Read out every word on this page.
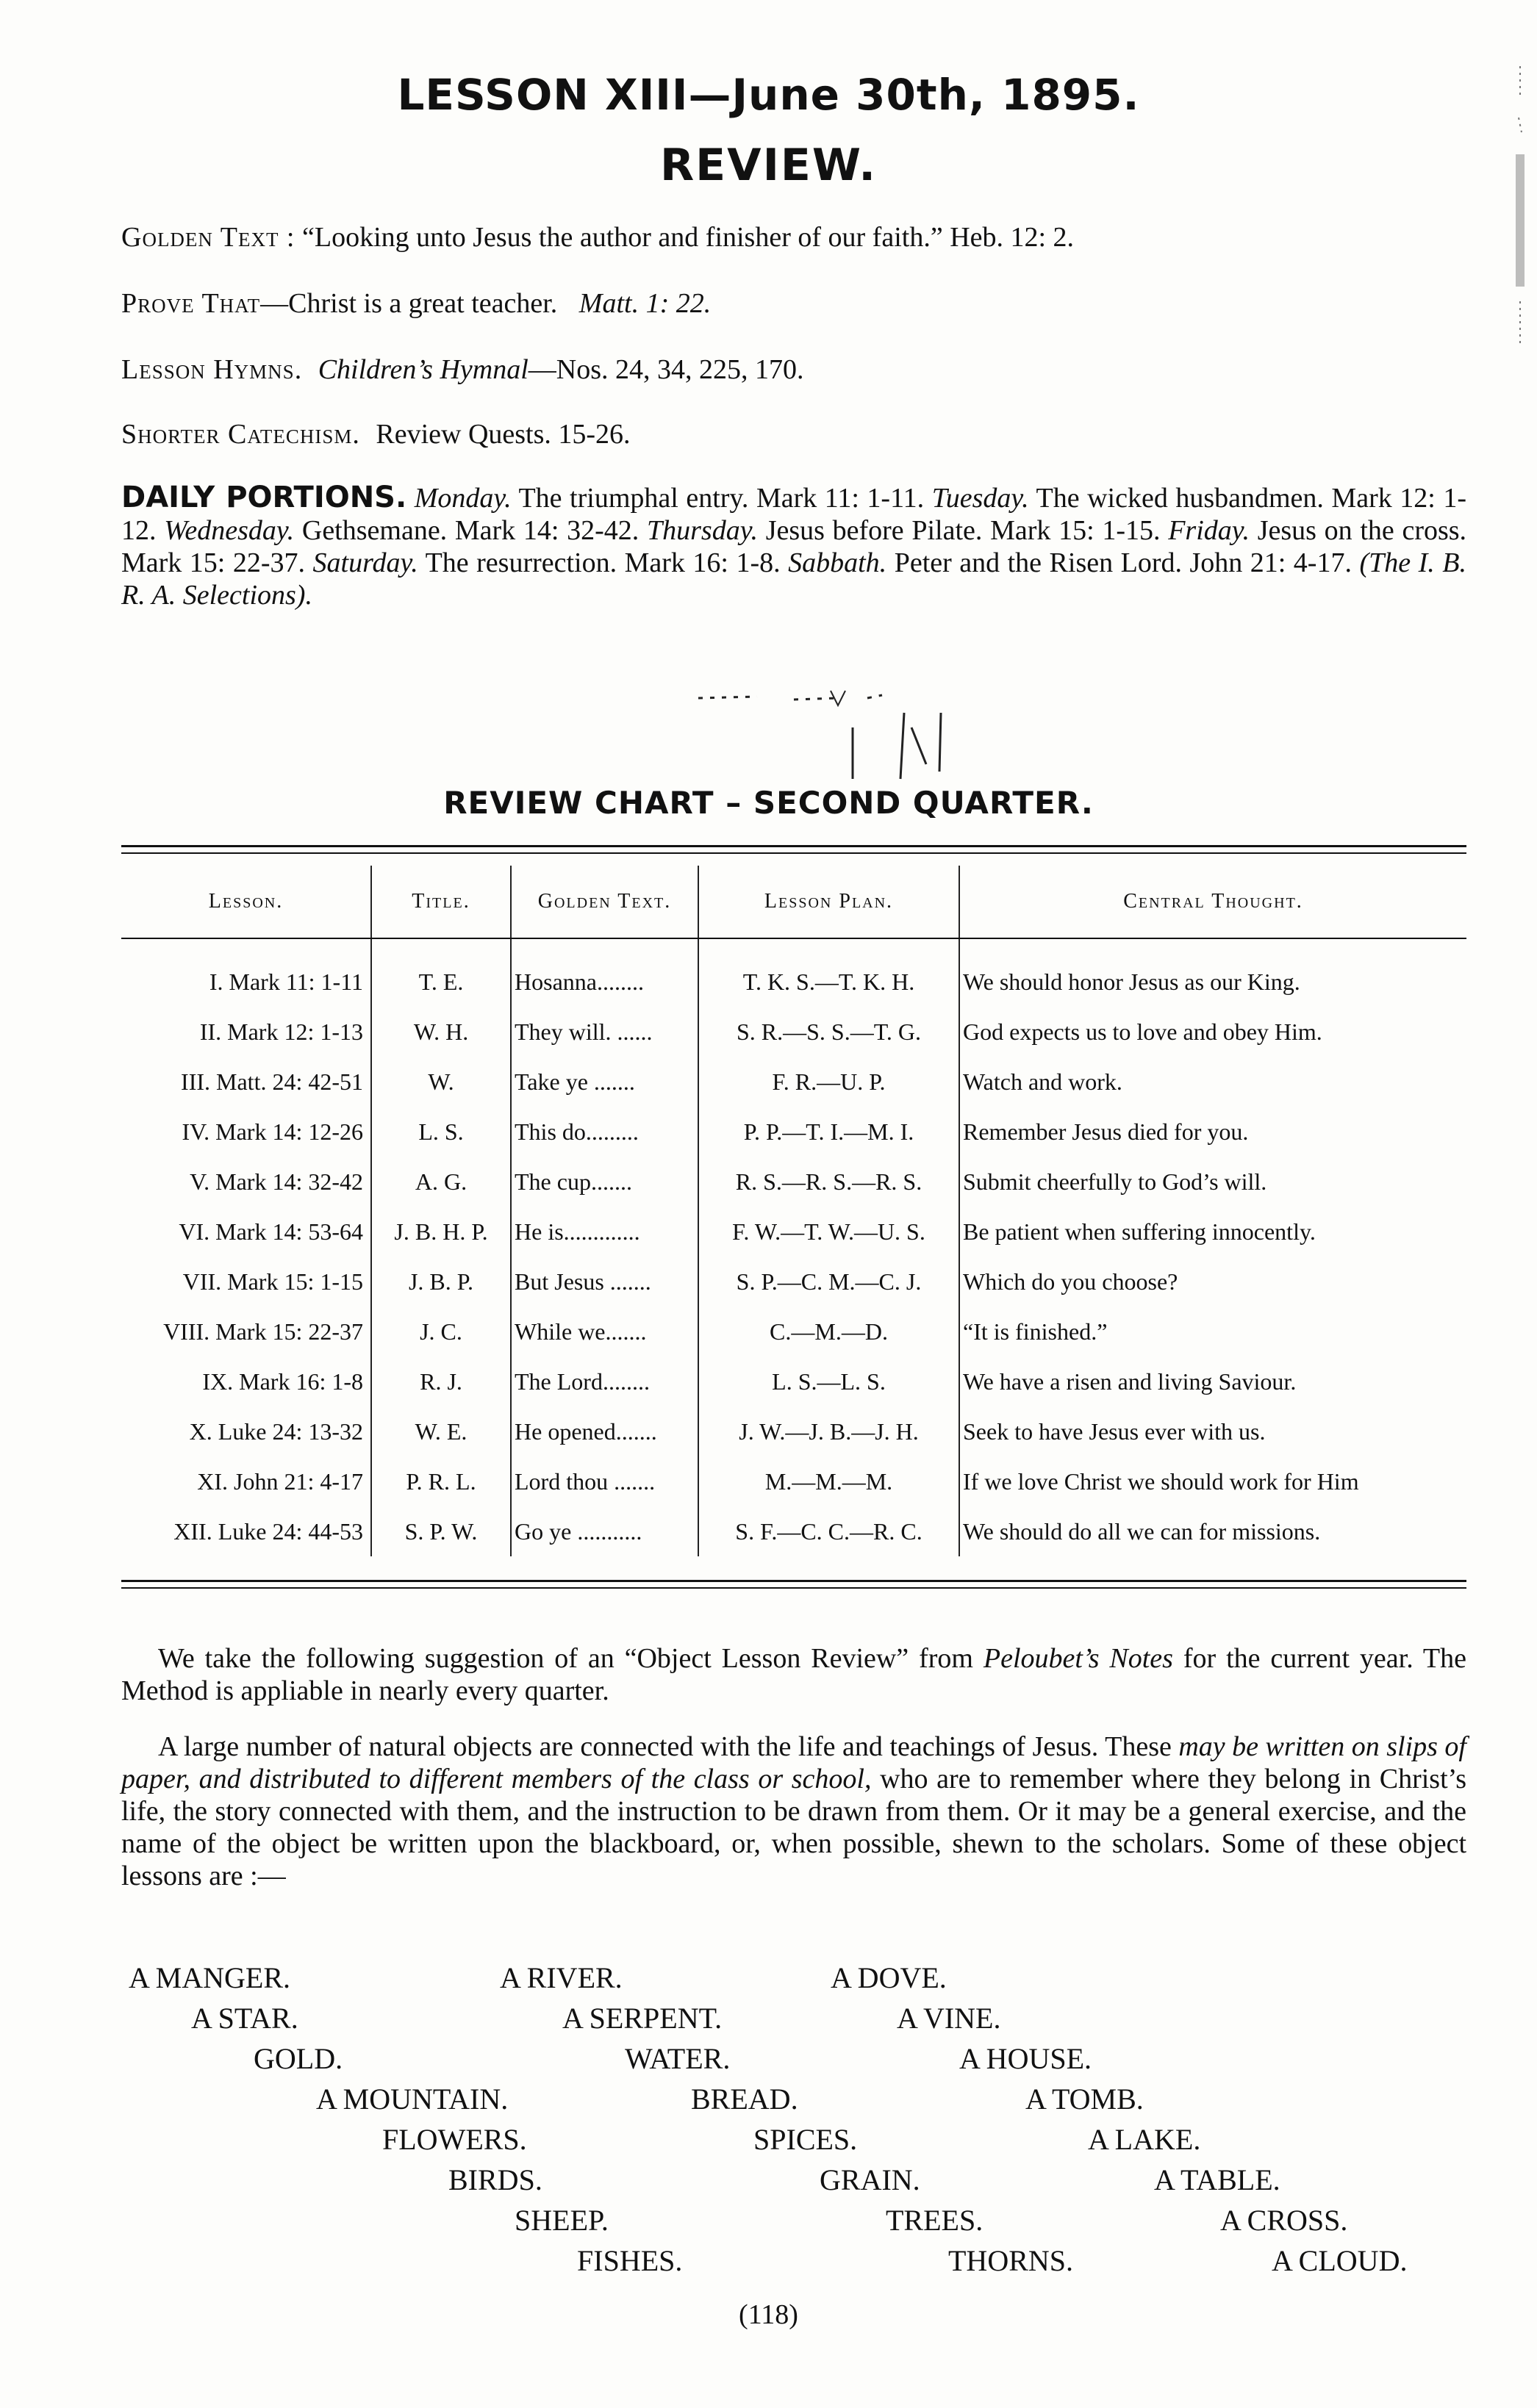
LESSON XIII—June 30th, 1895.
REVIEW.
Golden Text : “Looking unto Jesus the author and finisher of our faith.” Heb. 12: 2.
Prove That—Christ is a great teacher. Matt. 1: 22.
Lesson Hymns. Children’s Hymnal—Nos. 24, 34, 225, 170.
Shorter Catechism. Review Quests. 15-26.
DAILY PORTIONS. Monday. The triumphal entry. Mark 11: 1-11. Tuesday. The wicked husbandmen. Mark 12: 1-12. Wednesday. Gethsemane. Mark 14: 32-42. Thursday. Jesus before Pilate. Mark 15: 1-15. Friday. Jesus on the cross. Mark 15: 22-37. Saturday. The resurrection. Mark 16: 1-8. Sabbath. Peter and the Risen Lord. John 21: 4-17. (The I. B. R. A. Selections).
REVIEW CHART – SECOND QUARTER.
Lesson.	Title.	Golden Text.	Lesson Plan.	Central Thought.
I. Mark 11: 1-11	T. E.	Hosanna........	T. K. S.—T. K. H.	We should honor Jesus as our King.
II. Mark 12: 1-13	W. H.	They will. ......	S. R.—S. S.—T. G.	God expects us to love and obey Him.
III. Matt. 24: 42-51	W.	Take ye .......	F. R.—U. P.	Watch and work.
IV. Mark 14: 12-26	L. S.	This do.........	P. P.—T. I.—M. I.	Remember Jesus died for you.
V. Mark 14: 32-42	A. G.	The cup.......	R. S.—R. S.—R. S.	Submit cheerfully to God’s will.
VI. Mark 14: 53-64	J. B. H. P.	He is.............	F. W.—T. W.—U. S.	Be patient when suffering innocently.
VII. Mark 15: 1-15	J. B. P.	But Jesus .......	S. P.—C. M.—C. J.	Which do you choose?
VIII. Mark 15: 22-37	J. C.	While we.......	C.—M.—D.	“It is finished.”
IX. Mark 16: 1-8	R. J.	The Lord........	L. S.—L. S.	We have a risen and living Saviour.
X. Luke 24: 13-32	W. E.	He opened.......	J. W.—J. B.—J. H.	Seek to have Jesus ever with us.
XI. John 21: 4-17	P. R. L.	Lord thou .......	M.—M.—M.	If we love Christ we should work for Him
XII. Luke 24: 44-53	S. P. W.	Go ye ...........	S. F.—C. C.—R. C.	We should do all we can for missions.
We take the following suggestion of an “Object Lesson Review” from Peloubet’s Notes for the current year. The Method is appliable in nearly every quarter.
A large number of natural objects are connected with the life and teachings of Jesus. These may be written on slips of paper, and distributed to different members of the class or school, who are to remember where they belong in Christ’s life, the story connected with them, and the instruction to be drawn from them. Or it may be a general exercise, and the name of the object be written upon the blackboard, or, when possible, shewn to the scholars. Some of these object lessons are :—
A MANGER.	A RIVER.	A DOVE.
A STAR.	A SERPENT.	A VINE.
GOLD.	WATER.	A HOUSE.
A MOUNTAIN.	BREAD.	A TOMB.
FLOWERS.	SPICES.	A LAKE.
BIRDS.	GRAIN.	A TABLE.
SHEEP.	TREES.	A CROSS.
FISHES.	THORNS.	A CLOUD.
(118)
